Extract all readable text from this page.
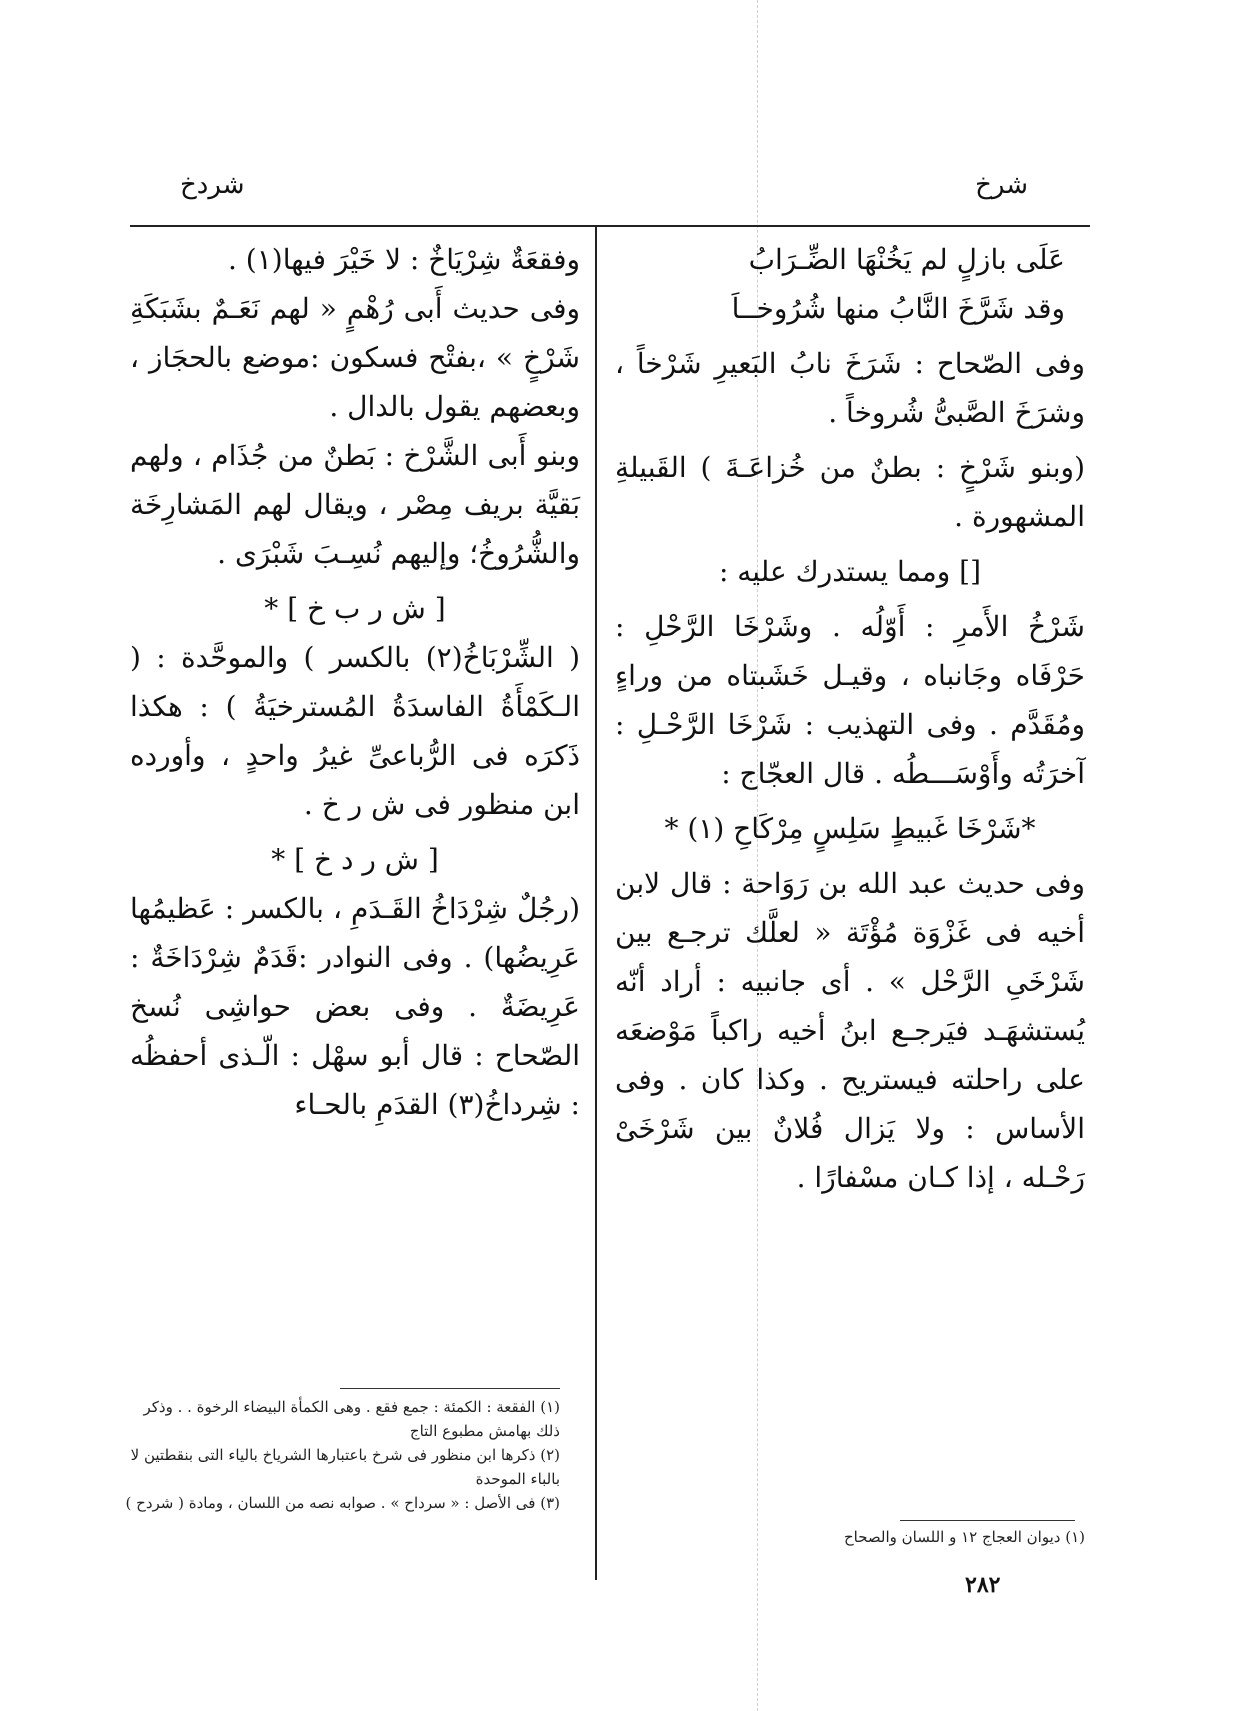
شرخ
شردخ

عَلَى بازلٍ لم يَخُنْهَا الضِّـرَابُ

وقد شَرَّخَ النَّابُ منها شُرُوخــاَ

وفى الصّحاح : شَرَخَ نابُ البَعيرِ شَرْخاً ، وشرَخَ الصَّبىُّ شُروخاً .

(وبنو شَرْخٍ : بطنٌ من خُزاعَـةَ ) القَبيلةِ المشهورة .

[] ومما يستدرك عليه :

شَرْخُ الأَمرِ : أَوّلُه . وشَرْخَا الرَّحْلِ : حَرْفَاه وجَانباه ، وقيـل خَشَبتاه من وراءٍ ومُقَدَّم . وفى التهذيب : شَرْخَا الرَّحْـلِ : آخرَتُه وأَوْسَـــطُه . قال العجّاج :

*شَرْخَا غَبيطٍ سَلِسٍ مِرْكَاحِ (١) *

وفى حديث عبد الله بن رَوَاحة : قال لابن أخيه فى غَزْوَة مُؤْتَة « لعلَّك ترجـع بين شَرْخَىِ الرَّحْل » . أى جانبيه : أراد أنّه يُستشهَـد فيَرجـع ابنُ أخيه راكباً مَوْضعَه على راحلته فيستريح . وكذا كان . وفى الأساس : ولا يَزال فُلانٌ بين شَرْخَىْ رَحْـله ، إذا كـان مسْفارًا .

وفقعَةٌ شِرْيَاخٌ : لا خَيْرَ فيها(١) .

وفى حديث أَبى رُهْمٍ « لهم نَعَـمٌ بشَبَكَةِ شَرْخٍ » ،بفتْح فسكون :موضع بالحجَاز ، وبعضهم يقول بالدال .

وبنو أَبى الشَّرْخ : بَطنٌ من جُذَام ، ولهم بَقيَّة بريف مِصْر ، ويقال لهم المَشارِخَة والشُّرُوخُ؛ وإليهم نُسِـبَ شَبْرَى .

[ ش ر ب خ ] *

( الشِّرْبَاخُ(٢) بالكسر ) والموحَّدة : ( الـكَمْأَةُ الفاسدَةُ المُسترخيَةُ ) : هكذا ذَكرَه فى الرُّباعىِّ غيرُ واحدٍ ، وأورده ابن منظور فى ش ر خ .

[ ش ر د خ ] *

(رجُلٌ شِرْدَاخُ القَـدَمِ ، بالكسر : عَظيمُها عَرِيضُها) . وفى النوادر :قَدَمٌ شِرْدَاخَةٌ : عَرِيضَةٌ . وفى بعض حواشِى نُسخ الصّحاح : قال أبو سهْل : الّـذى أحفظُه : شِرداخُ(٣) القدَمِ بالحـاء

(١) الفقعة : الكمئة : جمع فقع . وهى الكمأة البيضاء الرخوة . . وذكر ذلك بهامش مطبوع التاج

(٢) ذكرها ابن منظور فى شرخ باعتبارها الشرياخ بالياء التى بنقطتين لا بالباء الموحدة

(٣) فى الأصل : « سرداح » . صوابه نصه من اللسان ، ومادة ( شردح )

(١) ديوان العجاج ١٢ و اللسان والصحاح

٢٨٢
